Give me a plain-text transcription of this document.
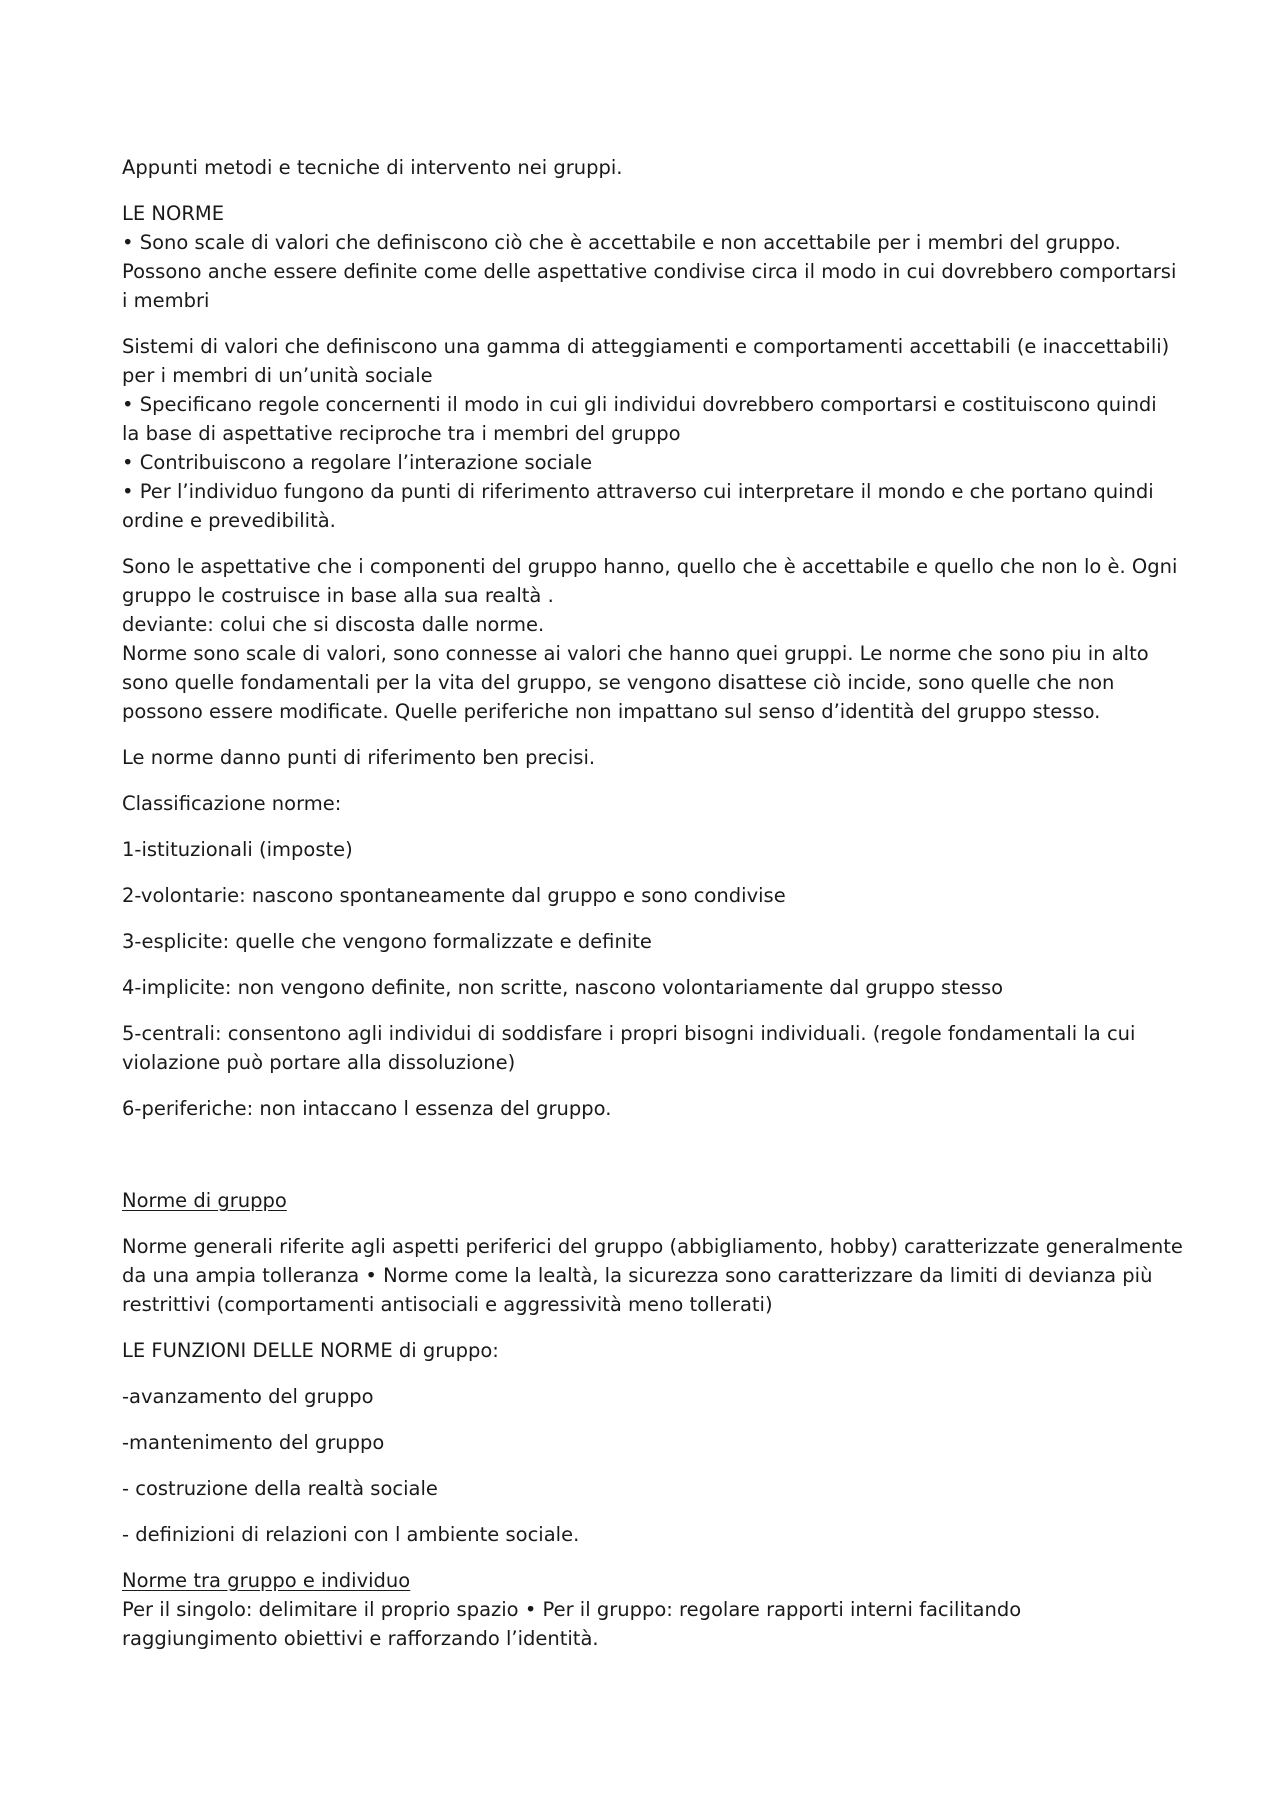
Appunti metodi e tecniche di intervento nei gruppi.

LE NORME
• Sono scale di valori che definiscono ciò che è accettabile e non accettabile per i membri del gruppo.
Possono anche essere definite come delle aspettative condivise circa il modo in cui dovrebbero comportarsi
i membri

Sistemi di valori che definiscono una gamma di atteggiamenti e comportamenti accettabili (e inaccettabili)
per i membri di un’unità sociale
• Specificano regole concernenti il modo in cui gli individui dovrebbero comportarsi e costituiscono quindi
la base di aspettative reciproche tra i membri del gruppo
• Contribuiscono a regolare l’interazione sociale
• Per l’individuo fungono da punti di riferimento attraverso cui interpretare il mondo e che portano quindi
ordine e prevedibilità.

Sono le aspettative che i componenti del gruppo hanno, quello che è accettabile e quello che non lo è. Ogni
gruppo le costruisce in base alla sua realtà .
deviante: colui che si discosta dalle norme.
Norme sono scale di valori, sono connesse ai valori che hanno quei gruppi. Le norme che sono piu in alto
sono quelle fondamentali per la vita del gruppo, se vengono disattese ciò incide, sono quelle che non
possono essere modificate. Quelle periferiche non impattano sul senso d’identità del gruppo stesso.

Le norme danno punti di riferimento ben precisi.

Classificazione norme:

1-istituzionali (imposte)

2-volontarie: nascono spontaneamente dal gruppo e sono condivise

3-esplicite: quelle che vengono formalizzate e definite

4-implicite: non vengono definite, non scritte, nascono volontariamente dal gruppo stesso

5-centrali: consentono agli individui di soddisfare i propri bisogni individuali. (regole fondamentali la cui
violazione può portare alla dissoluzione)

6-periferiche: non intaccano l essenza del gruppo.

Norme di gruppo

Norme generali riferite agli aspetti periferici del gruppo (abbigliamento, hobby) caratterizzate generalmente
da una ampia tolleranza • Norme come la lealtà, la sicurezza sono caratterizzare da limiti di devianza più
restrittivi (comportamenti antisociali e aggressività meno tollerati)

LE FUNZIONI DELLE NORME di gruppo:

-avanzamento del gruppo

-mantenimento del gruppo

- costruzione della realtà sociale

- definizioni di relazioni con l ambiente sociale.

Norme tra gruppo e individuo
Per il singolo: delimitare il proprio spazio • Per il gruppo: regolare rapporti interni facilitando
raggiungimento obiettivi e rafforzando l’identità.
